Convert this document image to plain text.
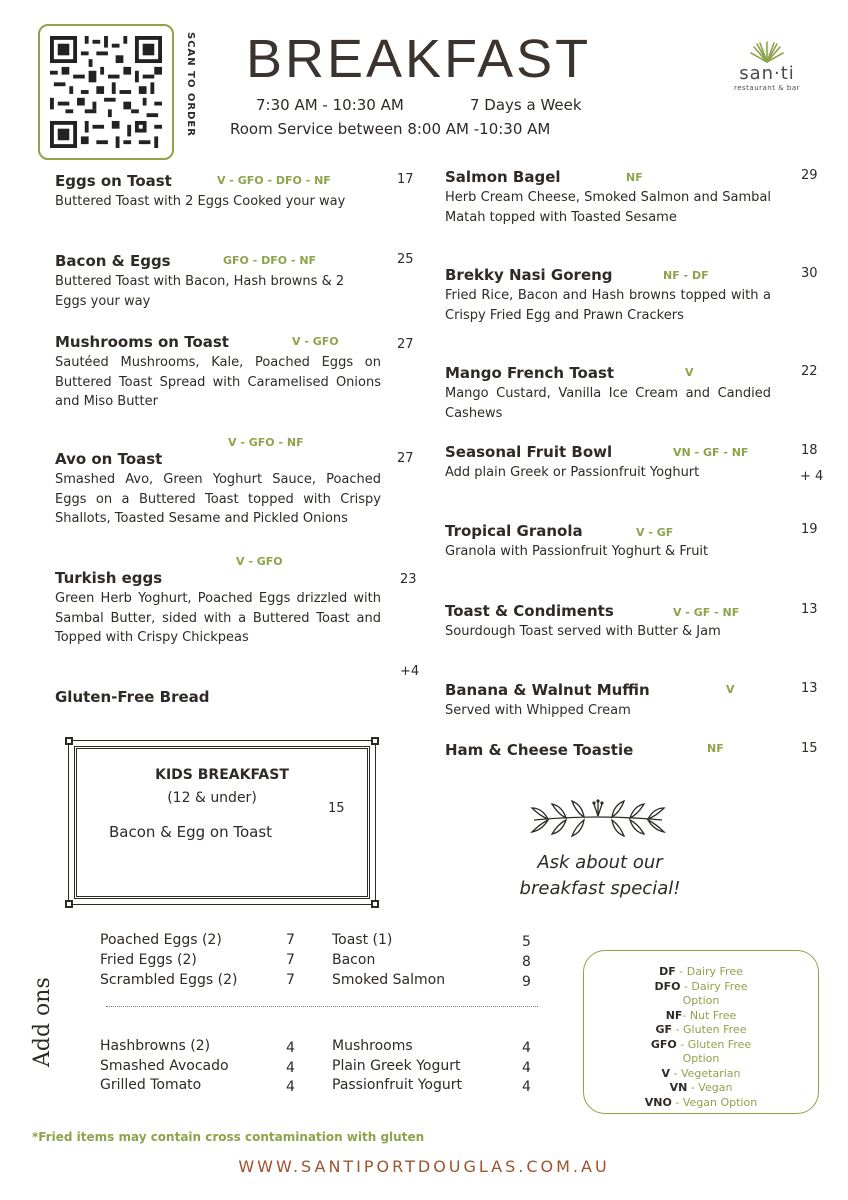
SCAN TO ORDER BREAKFAST
7:30 AM - 10:30 AM	7 Days a Week
Room Service between 8:00 AM -10:30 AM
san·ti
restaurant & bar
Eggs on Toast	V - GFO - DFO - NF	17
Buttered Toast with 2 Eggs Cooked your way
Bacon & Eggs	GFO - DFO - NF	25
Buttered Toast with Bacon, Hash browns & 2 Eggs your way
Mushrooms on Toast	V - GFO	27
Sautéed Mushrooms, Kale, Poached Eggs on Buttered Toast Spread with Caramelised Onions and Miso Butter
V - GFO - NF
Avo on Toast	27
Smashed Avo, Green Yoghurt Sauce, Poached Eggs on a Buttered Toast topped with Crispy Shallots, Toasted Sesame and Pickled Onions
V - GFO
Turkish eggs	23
Green Herb Yoghurt, Poached Eggs drizzled with Sambal Butter, sided with a Buttered Toast and Topped with Crispy Chickpeas
+4
Gluten-Free Bread
Salmon Bagel	NF	29
Herb Cream Cheese, Smoked Salmon and Sambal Matah topped with Toasted Sesame
Brekky Nasi Goreng	NF - DF	30
Fried Rice, Bacon and Hash browns topped with a Crispy Fried Egg and Prawn Crackers
Mango French Toast	V	22
Mango Custard, Vanilla Ice Cream and Candied Cashews
Seasonal Fruit Bowl	VN - GF - NF	18
Add plain Greek or Passionfruit Yoghurt
Tropical Granola	V - GF	19
Granola with Passionfruit Yoghurt & Fruit
Toast & Condiments	V - GF - NF	13
Sourdough Toast served with Butter & Jam
Banana & Walnut Muffin	V	13
Served with Whipped Cream
Ham & Cheese Toastie	NF	15
+ 4
KIDS BREAKFAST
(12 & under)
15
Bacon & Egg on Toast
Ask about our
breakfast special!
Add ons
Poached Eggs (2)	7
Fried Eggs (2)	7
Scrambled Eggs (2)	7
Toast (1)	5
Bacon	8
Smoked Salmon	9
Hashbrowns (2)	4
Smashed Avocado	4
Grilled Tomato	4
Mushrooms	4
Plain Greek Yogurt	4
Passionfruit Yogurt	4
DF - Dairy Free
DFO - Dairy Free
Option
NF- Nut Free
GF - Gluten Free
GFO - Gluten Free
Option
V - Vegetarian
VN - Vegan
VNO - Vegan Option
*Fried items may contain cross contamination with gluten
WWW.SANTIPORTDOUGLAS.COM.AU
